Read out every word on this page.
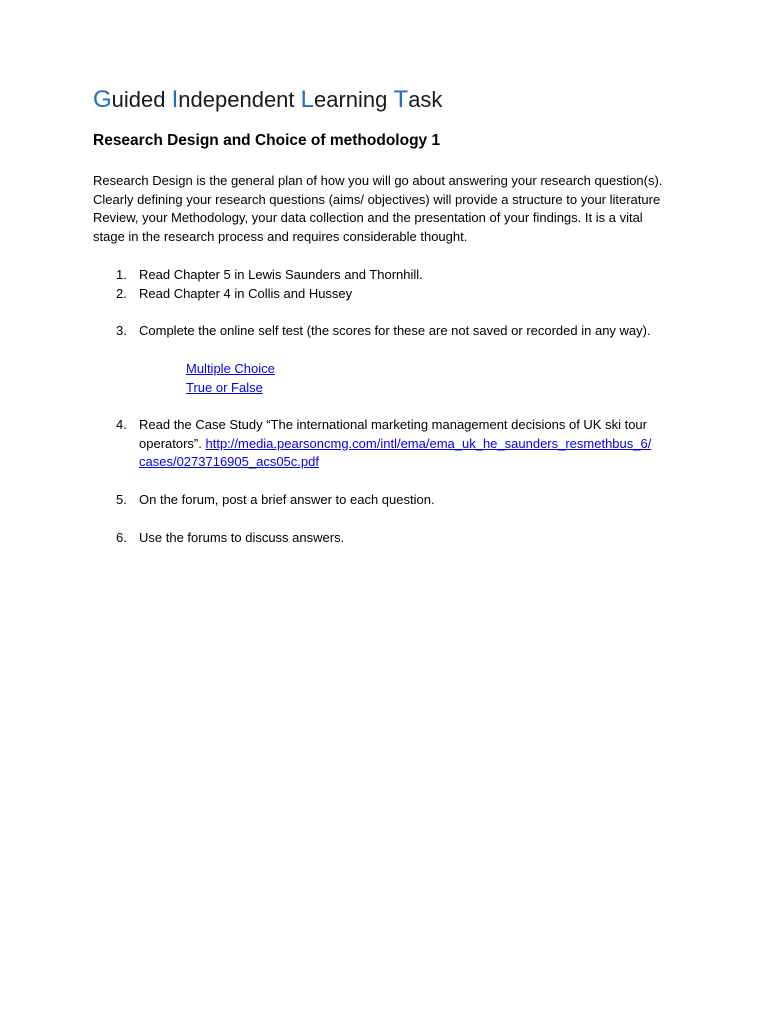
Guided Independent Learning Task
Research Design and Choice of methodology 1
Research Design is the general plan of how you will go about answering your research question(s).
Clearly defining your research questions (aims/ objectives) will provide a structure to your literature
Review, your Methodology, your data collection and the presentation of your findings. It is a vital
stage in the research process and requires considerable thought.
1. Read Chapter 5 in Lewis Saunders and Thornhill.
2. Read Chapter 4 in Collis and Hussey
3. Complete the online self test (the scores for these are not saved or recorded in any way).
Multiple Choice
True or False
4. Read the Case Study “The international marketing management decisions of UK ski tour
operators”. http://media.pearsoncmg.com/intl/ema/ema_uk_he_saunders_resmethbus_6/
cases/0273716905_acs05c.pdf
5. On the forum, post a brief answer to each question.
6. Use the forums to discuss answers.
